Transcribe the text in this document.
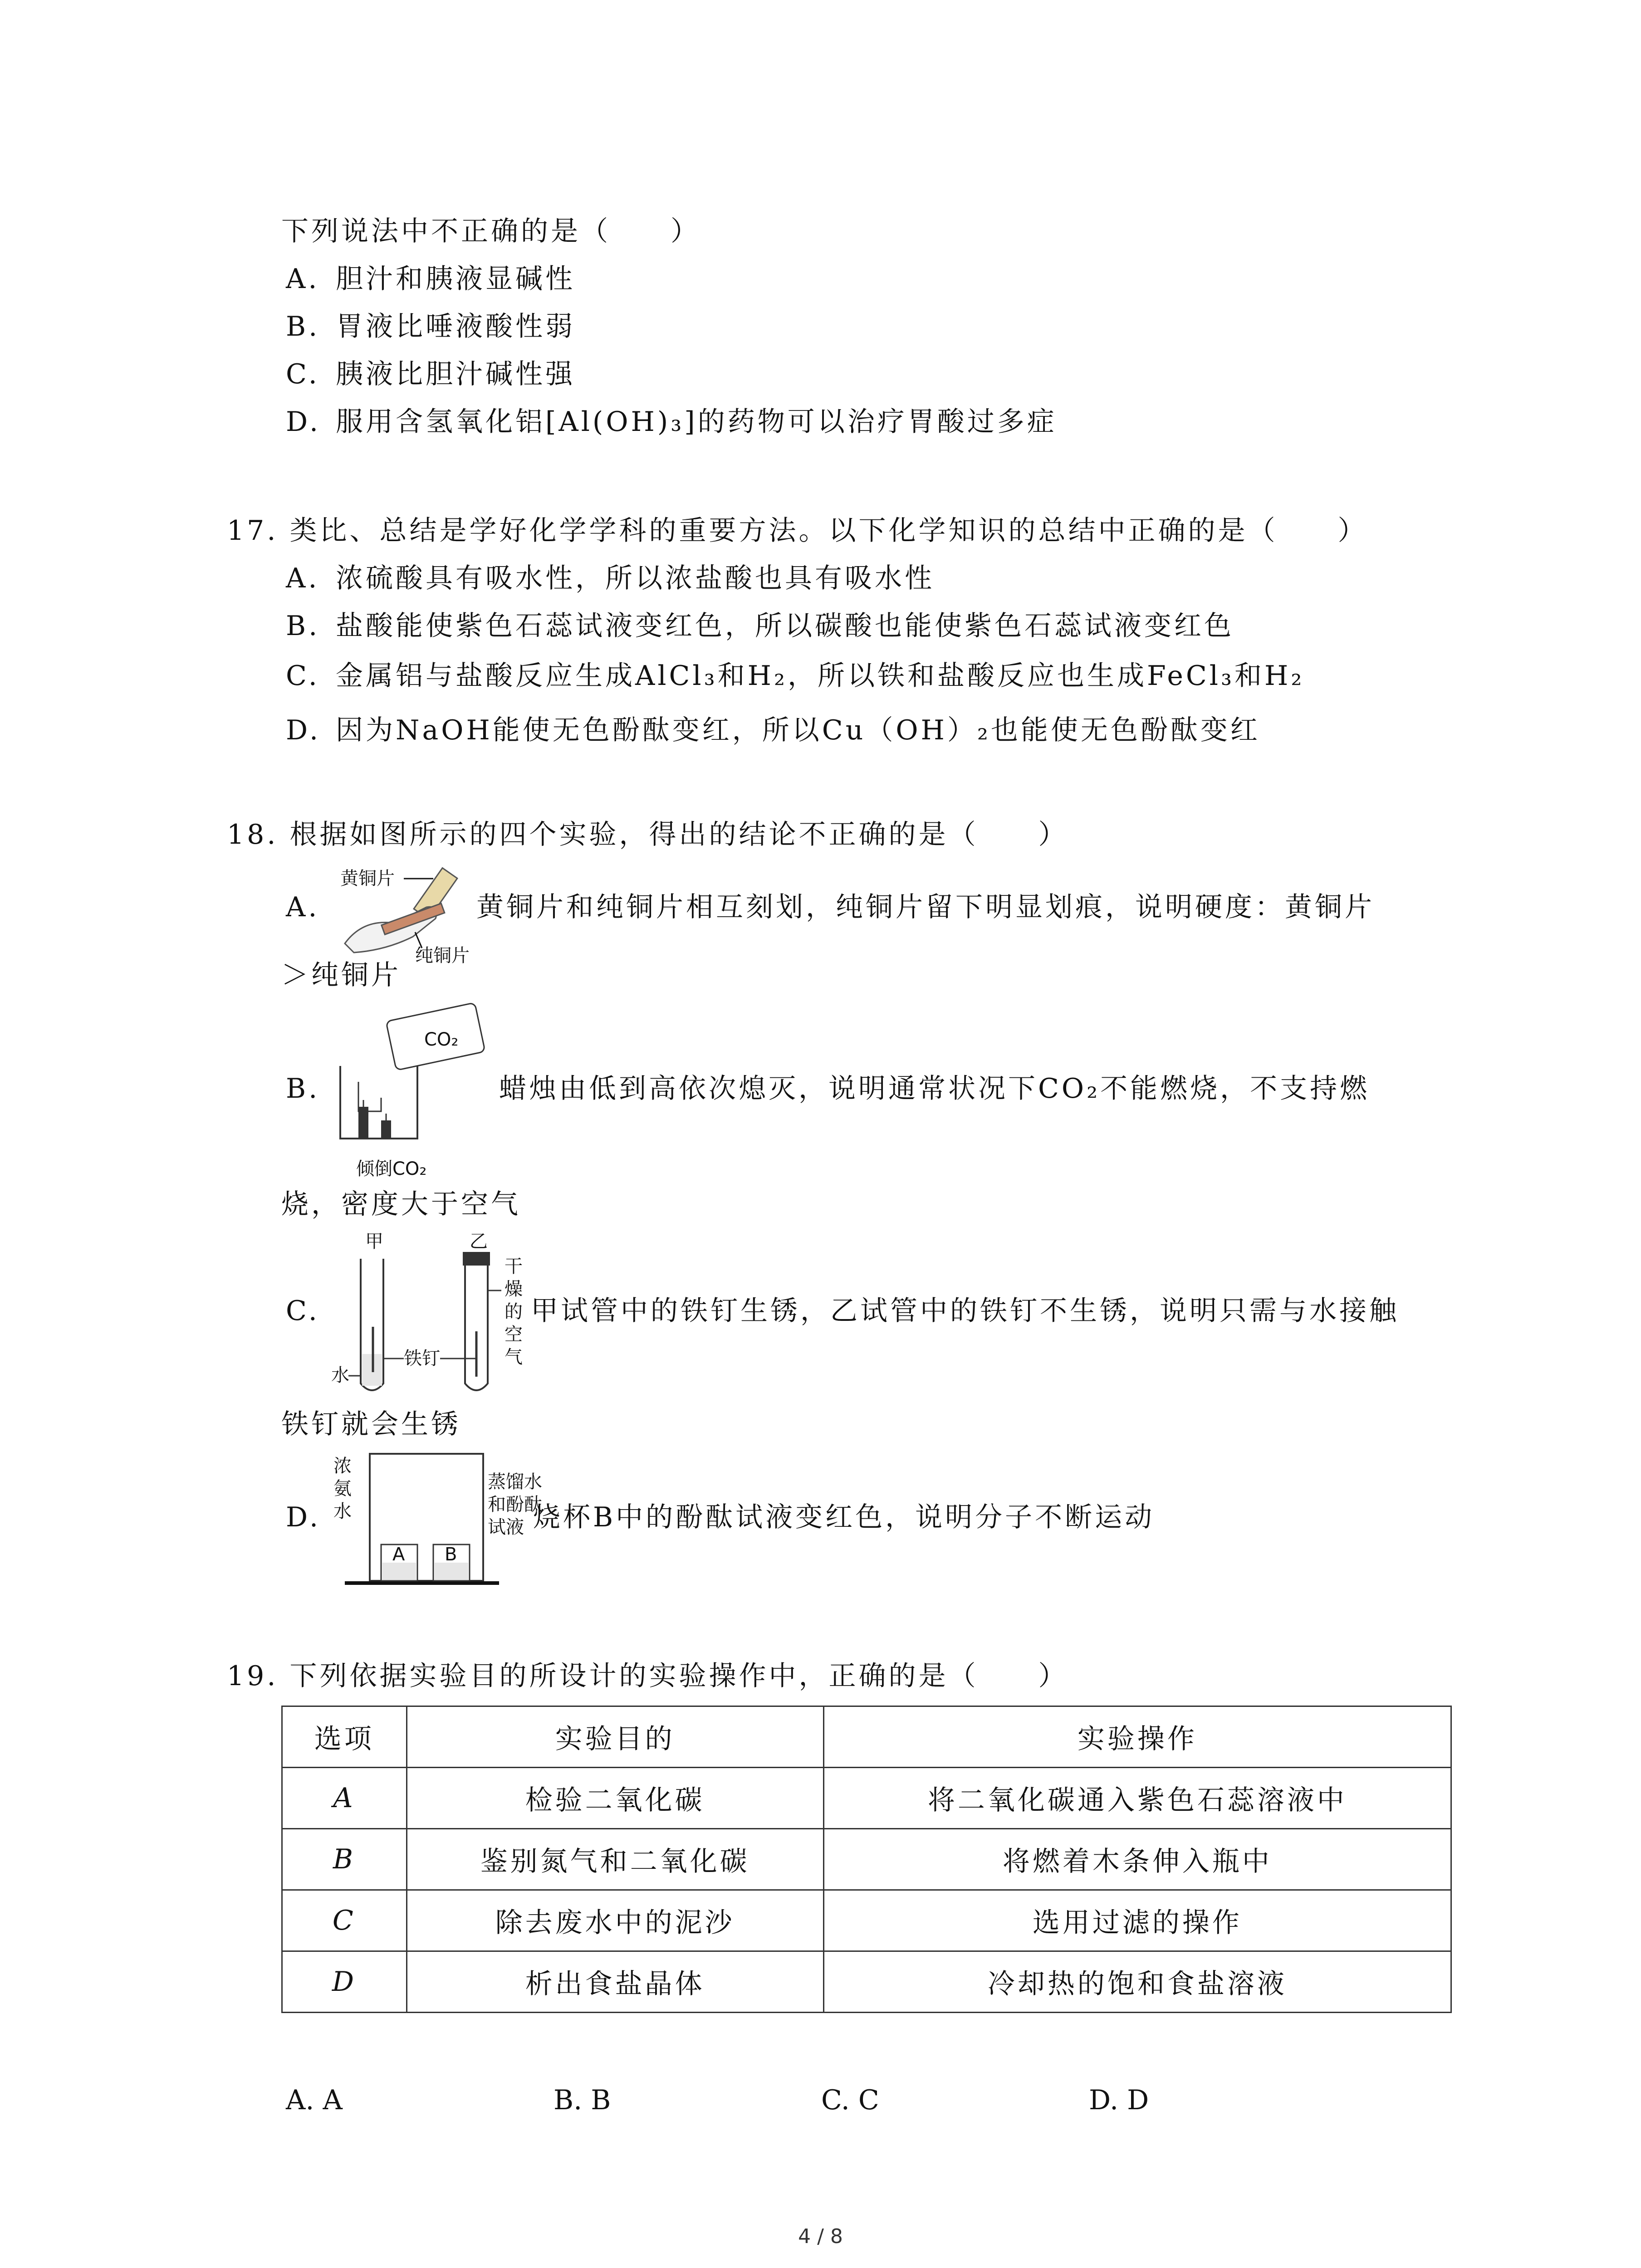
下列说法中不正确的是（　　）
A. 胆汁和胰液显碱性
B. 胃液比唾液酸性弱
C. 胰液比胆汁碱性强
D. 服用含氢氧化铝[Al(OH)₃]的药物可以治疗胃酸过多症
17. 类比、总结是学好化学学科的重要方法。以下化学知识的总结中正确的是（　　）
A. 浓硫酸具有吸水性，所以浓盐酸也具有吸水性
B. 盐酸能使紫色石蕊试液变红色，所以碳酸也能使紫色石蕊试液变红色
C. 金属铝与盐酸反应生成AlCl₃和H₂，所以铁和盐酸反应也生成FeCl₃和H₂
D. 因为NaOH能使无色酚酞变红，所以Cu（OH）₂也能使无色酚酞变红
18. 根据如图所示的四个实验，得出的结论不正确的是（　　）
A.
黄铜片
纯铜片
黄铜片和纯铜片相互刻划，纯铜片留下明显划痕，说明硬度：黄铜片
＞纯铜片
B.
CO₂
倾倒CO₂
蜡烛由低到高依次熄灭，说明通常状况下CO₂不能燃烧，不支持燃
烧，密度大于空气
C.
甲	乙
铁钉
水
干
燥
的
空
气
甲试管中的铁钉生锈，乙试管中的铁钉不生锈，说明只需与水接触
铁钉就会生锈
D.
浓
氨
水
A B
蒸馏水
和酚酞
试液 烧杯B中的酚酞试液变红色，说明分子不断运动
19. 下列依据实验目的所设计的实验操作中，正确的是（　　）
选项	实验目的	实验操作
A	检验二氧化碳	将二氧化碳通入紫色石蕊溶液中
B	鉴别氮气和二氧化碳	将燃着木条伸入瓶中
C	除去废水中的泥沙	选用过滤的操作
D	析出食盐晶体	冷却热的饱和食盐溶液
A. A	B. B	C. C	D. D
4 / 8
